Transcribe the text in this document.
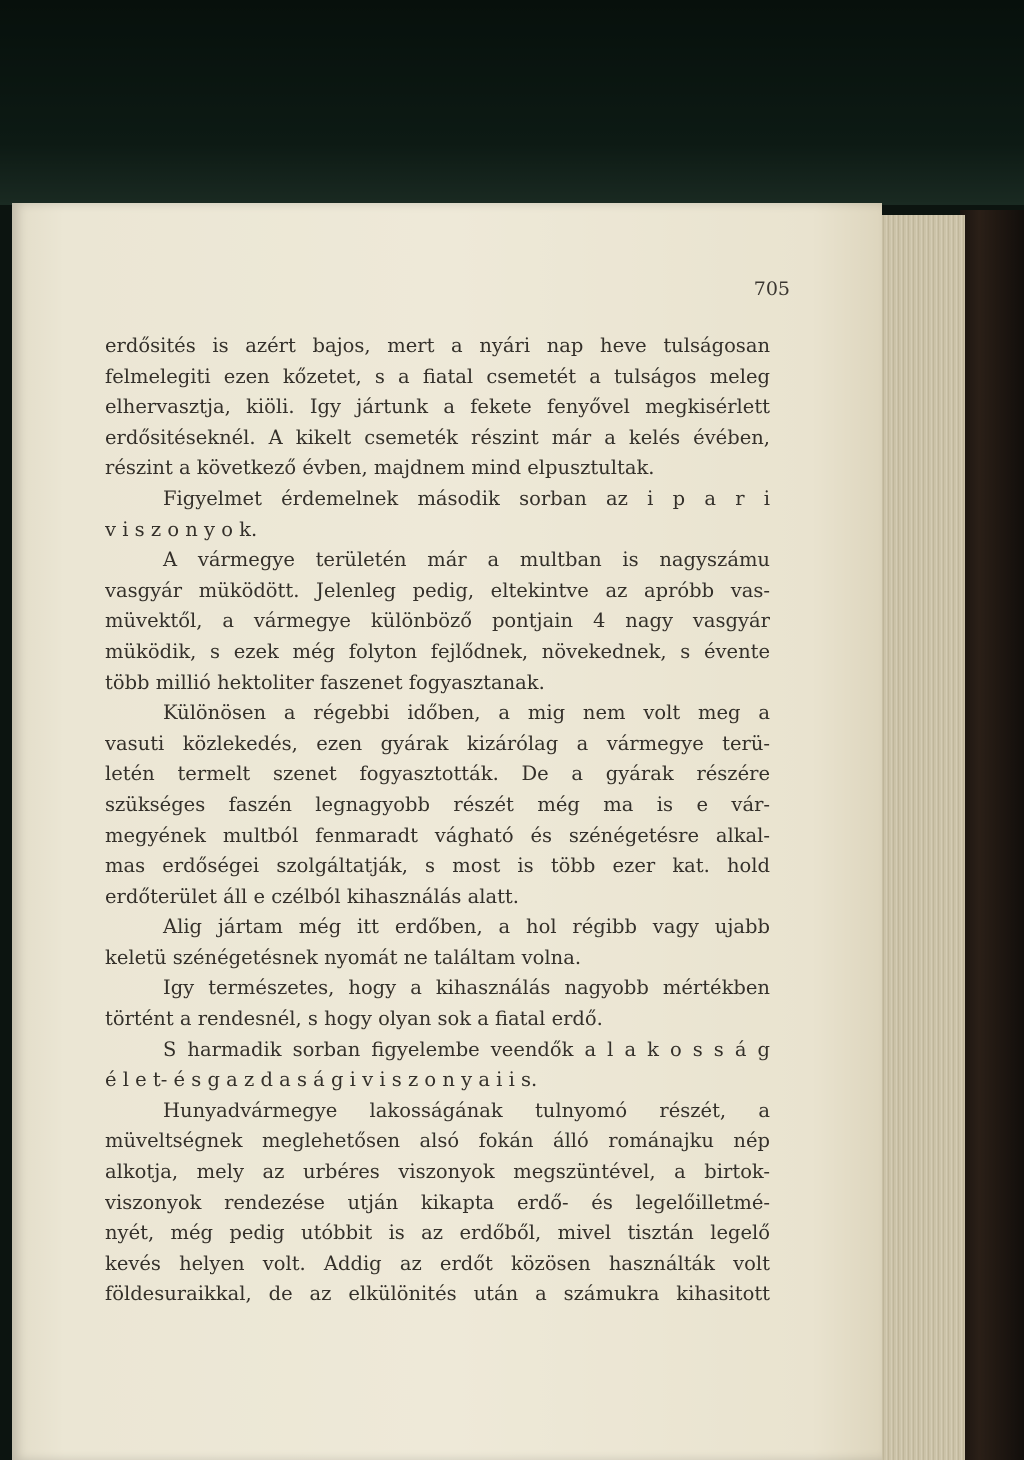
705
erdősités is azért bajos, mert a nyári nap heve tulságosan
felmelegiti ezen kőzetet, s a fiatal csemetét a tulságos meleg
elhervasztja, kiöli. Igy jártunk a fekete fenyővel megkisérlett
erdősitéseknél. A kikelt csemeték részint már a kelés évében,
részint a következő évben, majdnem mind elpusztultak.
Figyelmet érdemelnek második sorban az i p a r i
v i s z o n y o k.
A vármegye területén már a multban is nagyszámu
vasgyár müködött. Jelenleg pedig, eltekintve az apróbb vas-
müvektől, a vármegye különböző pontjain 4 nagy vasgyár
müködik, s ezek még folyton fejlődnek, növekednek, s évente
több millió hektoliter faszenet fogyasztanak.
Különösen a régebbi időben, a mig nem volt meg a
vasuti közlekedés, ezen gyárak kizárólag a vármegye terü-
letén termelt szenet fogyasztották. De a gyárak részére
szükséges faszén legnagyobb részét még ma is e vár-
megyének multból fenmaradt vágható és szénégetésre alkal-
mas erdőségei szolgáltatják, s most is több ezer kat. hold
erdőterület áll e czélból kihasználás alatt.
Alig jártam még itt erdőben, a hol régibb vagy ujabb
keletü szénégetésnek nyomát ne találtam volna.
Igy természetes, hogy a kihasználás nagyobb mértékben
történt a rendesnél, s hogy olyan sok a fiatal erdő.
S harmadik sorban figyelembe veendők a l a k o s s á g
é l e t- é s g a z d a s á g i v i s z o n y a i i s.
Hunyadvármegye lakosságának tulnyomó részét, a
müveltségnek meglehetősen alsó fokán álló románajku nép
alkotja, mely az urbéres viszonyok megszüntével, a birtok-
viszonyok rendezése utján kikapta erdő- és legelőilletmé-
nyét, még pedig utóbbit is az erdőből, mivel tisztán legelő
kevés helyen volt. Addig az erdőt közösen használták volt
földesuraikkal, de az elkülönités után a számukra kihasitott
